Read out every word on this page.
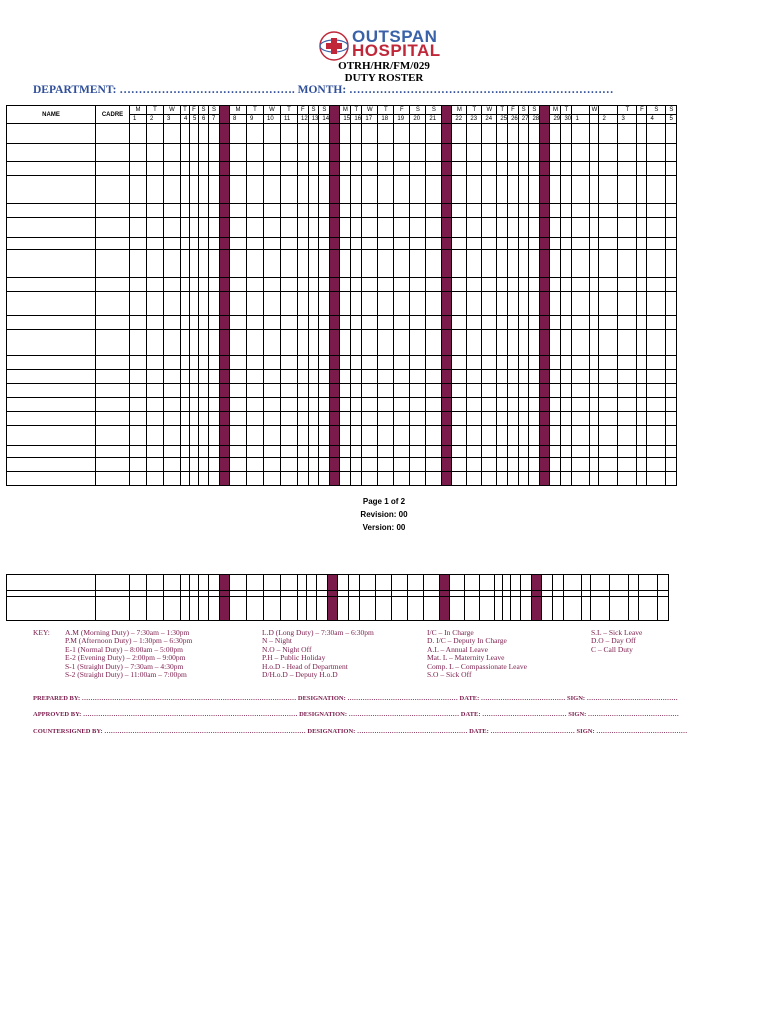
OUTSPAN
HOSPITAL
OTRH/HR/FM/029
DUTY ROSTER
DEPARTMENT: ………………………………………. MONTH: …………………………………..……..…………………
NAME	CADRE	M	T	W	T	F	S	S		M	T	W	T	F	S	S		M	T	W	T	F	S	S		M	T	W	T	F	S	S		M	T		W		T	F	S	S
		1	2	3	4	5	6	7		8	9	10	11	12	13	14		15	16	17	18	19	20	21		22	23	24	25	26	27	28		29	30	1		2	3		4	5

Page 1 of 2
Revision: 00
Version: 00

KEY: A.M (Morning Duty) – 7:30am – 1:30pm
P.M (Afternoon Duty) – 1:30pm – 6:30pm
E-1 (Normal Duty) – 8:00am – 5:00pm
E-2 (Evening Duty) – 2:00pm – 9:00pm
S-1 (Straight Duty) – 7:30am – 4:30pm
S-2 (Straight Duty) – 11:00am – 7:00pm
L.D (Long Duty) – 7:30am – 6:30pm
N – Night
N.O – Night Off
P.H – Public Holiday
H.o.D - Head of Department
D/H.o.D – Deputy H.o.D
I/C – In Charge
D. I/C – Deputy In Charge
A.L – Annual Leave
Mat. L – Maternity Leave
Comp. L – Compassionate Leave
S.O – Sick Off
S.L – Sick Leave
D.O – Day Off
C – Call Duty
PREPARED BY: ……………………………………………………………………………………… DESIGNATION: …………………………………………… DATE: ………………………………… SIGN: ……………………………………
APPROVED BY: ……………………………………………………………………………………… DESIGNATION: …………………………………………… DATE: ………………………………… SIGN: ……………………………………
COUNTERSIGNED BY: ………………………………………………………………………………… DESIGNATION: …………………………………………… DATE: ………………………………… SIGN: ……………………………………
